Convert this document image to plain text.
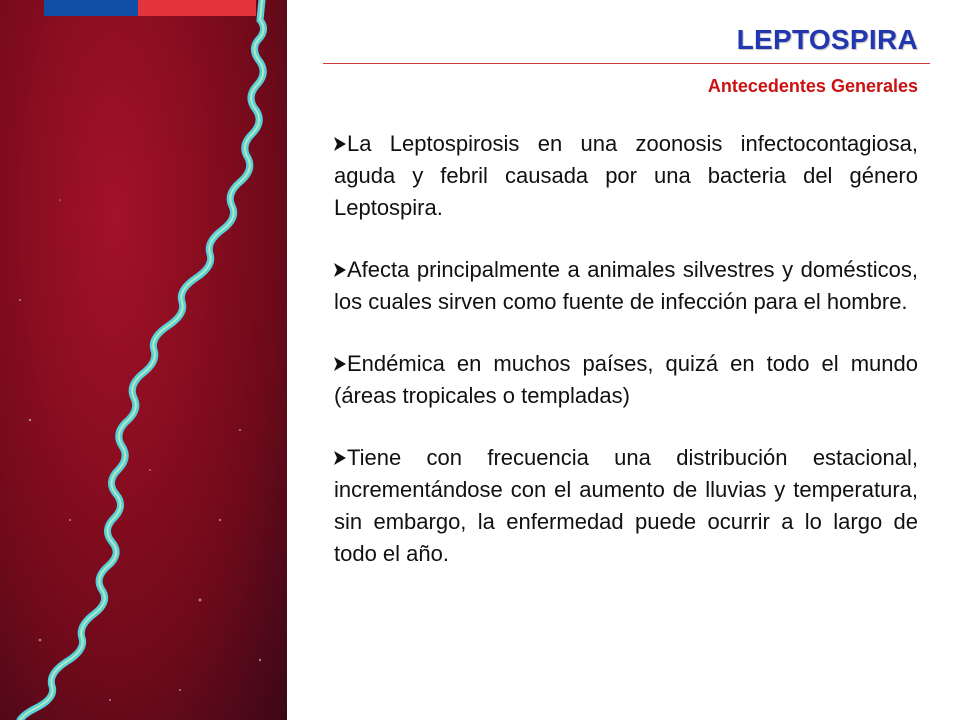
LEPTOSPIRA
Antecedentes Generales

La Leptospirosis en una zoonosis infectocontagiosa, aguda y febril causada por una bacteria del género Leptospira.

Afecta principalmente a animales silvestres y domésticos, los cuales sirven como fuente de infección para el hombre.

Endémica en muchos países, quizá en todo el mundo (áreas tropicales o templadas)

Tiene con frecuencia una distribución estacional, incrementándose con el aumento de lluvias y temperatura, sin embargo, la enfermedad puede ocurrir a lo largo de todo el año.
